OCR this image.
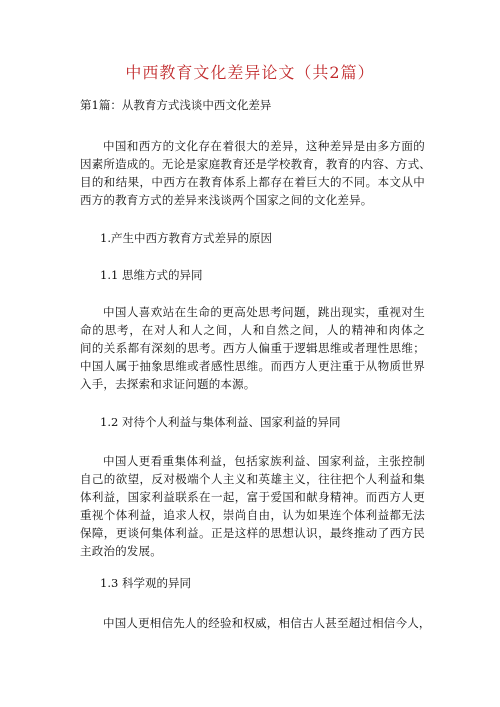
中西教育文化差异论文（共2篇）
第1篇：从教育方式浅谈中西文化差异
中国和西方的文化存在着很大的差异，这种差异是由多方面的
因素所造成的。无论是家庭教育还是学校教育，教育的内容、方式、
目的和结果，中西方在教育体系上都存在着巨大的不同。本文从中
西方的教育方式的差异来浅谈两个国家之间的文化差异。
1.产生中西方教育方式差异的原因
1.1 思维方式的异同
中国人喜欢站在生命的更高处思考问题，跳出现实，重视对生
命的思考，在对人和人之间，人和自然之间，人的精神和肉体之
间的关系都有深刻的思考。西方人偏重于逻辑思维或者理性思维；
中国人属于抽象思维或者感性思维。而西方人更注重于从物质世界
入手，去探索和求证问题的本源。
1.2 对待个人利益与集体利益、国家利益的异同
中国人更看重集体利益，包括家族利益、国家利益，主张控制
自己的欲望，反对极端个人主义和英雄主义，往往把个人利益和集
体利益，国家利益联系在一起，富于爱国和献身精神。而西方人更
重视个体利益，追求人权，崇尚自由，认为如果连个体利益都无法
保障，更谈何集体利益。正是这样的思想认识，最终推动了西方民
主政治的发展。
1.3 科学观的异同
中国人更相信先人的经验和权威，相信古人甚至超过相信今人，
